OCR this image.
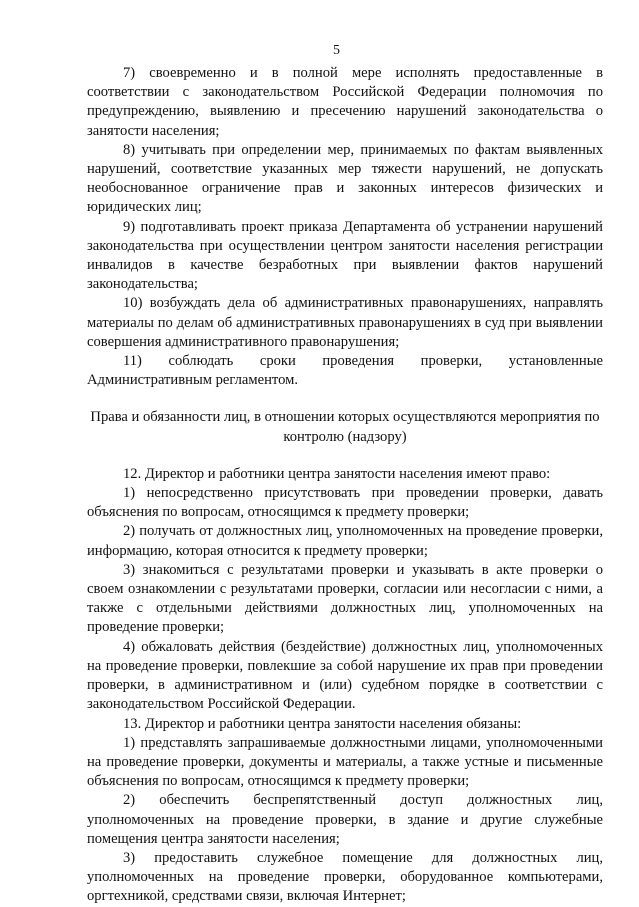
5

7) своевременно и в полной мере исполнять предоставленные в соответствии с законодательством Российской Федерации полномочия по предупреждению, выявлению и пресечению нарушений законодательства о занятости населения;

8) учитывать при определении мер, принимаемых по фактам выявленных нарушений, соответствие указанных мер тяжести нарушений, не допускать необоснованное ограничение прав и законных интересов физических и юридических лиц;

9) подготавливать проект приказа Департамента об устранении нарушений законодательства при осуществлении центром занятости населения регистрации инвалидов в качестве безработных при выявлении фактов нарушений законодательства;

10) возбуждать дела об административных правонарушениях, направлять материалы по делам об административных правонарушениях в суд при выявлении совершения административного правонарушения;

11) соблюдать сроки проведения проверки, установленные Административным регламентом.

Права и обязанности лиц, в отношении которых осуществляются мероприятия по контролю (надзору)

12. Директор и работники центра занятости населения имеют право:

1) непосредственно присутствовать при проведении проверки, давать объяснения по вопросам, относящимся к предмету проверки;

2) получать от должностных лиц, уполномоченных на проведение проверки, информацию, которая относится к предмету проверки;

3) знакомиться с результатами проверки и указывать в акте проверки о своем ознакомлении с результатами проверки, согласии или несогласии с ними, а также с отдельными действиями должностных лиц, уполномоченных на проведение проверки;

4) обжаловать действия (бездействие) должностных лиц, уполномоченных на проведение проверки, повлекшие за собой нарушение их прав при проведении проверки, в административном и (или) судебном порядке в соответствии с законодательством Российской Федерации.

13. Директор и работники центра занятости населения обязаны:

1) представлять запрашиваемые должностными лицами, уполномоченными на проведение проверки, документы и материалы, а также устные и письменные объяснения по вопросам, относящимся к предмету проверки;

2) обеспечить беспрепятственный доступ должностных лиц, уполномоченных на проведение проверки, в здание и другие служебные помещения центра занятости населения;

3) предоставить служебное помещение для должностных лиц, уполномоченных на проведение проверки, оборудованное компьютерами, оргтехникой, средствами связи, включая Интернет;
